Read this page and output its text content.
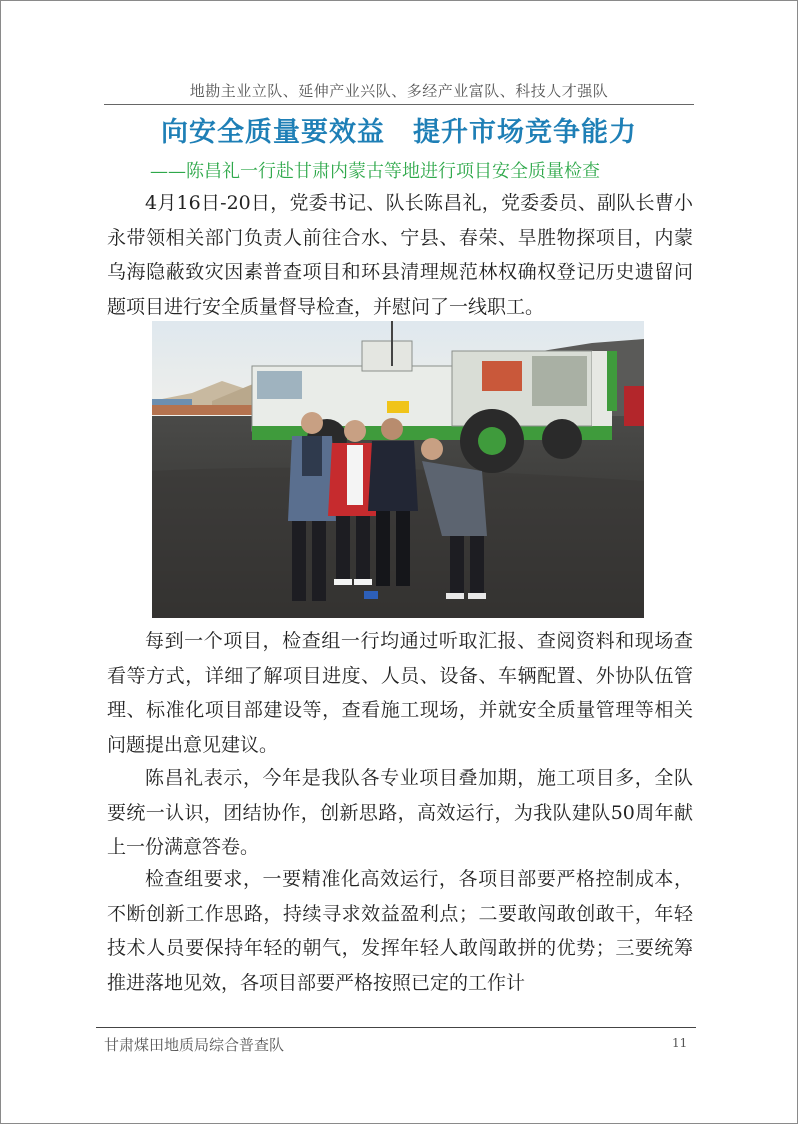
地勘主业立队、延伸产业兴队、多经产业富队、科技人才强队
向安全质量要效益　提升市场竞争能力
——陈昌礼一行赴甘肃内蒙古等地进行项目安全质量检查

4月16日-20日，党委书记、队长陈昌礼，党委委员、副队长曹小永带领相关部门负责人前往合水、宁县、春荣、旱胜物探项目，内蒙乌海隐蔽致灾因素普查项目和环县清理规范林权确权登记历史遗留问题项目进行安全质量督导检查，并慰问了一线职工。

每到一个项目，检查组一行均通过听取汇报、查阅资料和现场查看等方式，详细了解项目进度、人员、设备、车辆配置、外协队伍管理、标准化项目部建设等，查看施工现场，并就安全质量管理等相关问题提出意见建议。

陈昌礼表示，今年是我队各专业项目叠加期，施工项目多，全队要统一认识，团结协作，创新思路，高效运行，为我队建队50周年献上一份满意答卷。

检查组要求，一要精准化高效运行，各项目部要严格控制成本，不断创新工作思路，持续寻求效益盈利点；二要敢闯敢创敢干，年轻技术人员要保持年轻的朝气，发挥年轻人敢闯敢拼的优势；三要统筹推进落地见效，各项目部要严格按照已定的工作计

甘肃煤田地质局综合普查队	11
